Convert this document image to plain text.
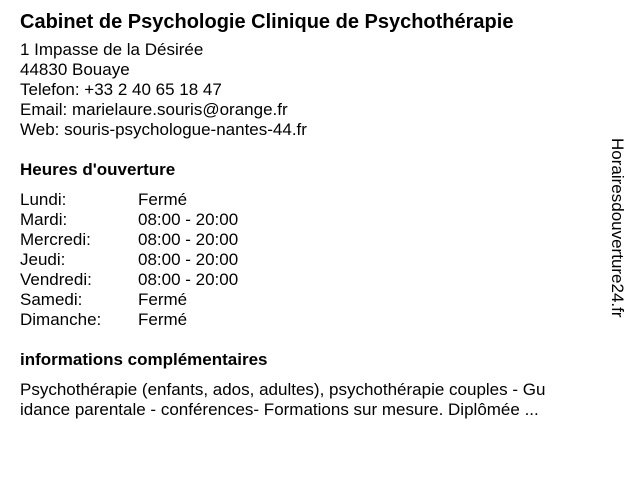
Cabinet de Psychologie Clinique de Psychothérapie
1 Impasse de la Désirée
44830 Bouaye
Telefon: +33 2 40 65 18 47
Email: marielaure.souris@orange.fr
Web: souris-psychologue-nantes-44.fr
Heures d'ouverture
Lundi:	Fermé
Mardi:	08:00 - 20:00
Mercredi:	08:00 - 20:00
Jeudi:	08:00 - 20:00
Vendredi:	08:00 - 20:00
Samedi:	Fermé
Dimanche:	Fermé
informations complémentaires
Psychothérapie (enfants, ados, adultes), psychothérapie couples - Gu
idance parentale - conférences- Formations sur mesure. Diplômée ...
Horairesdouverture24.fr
